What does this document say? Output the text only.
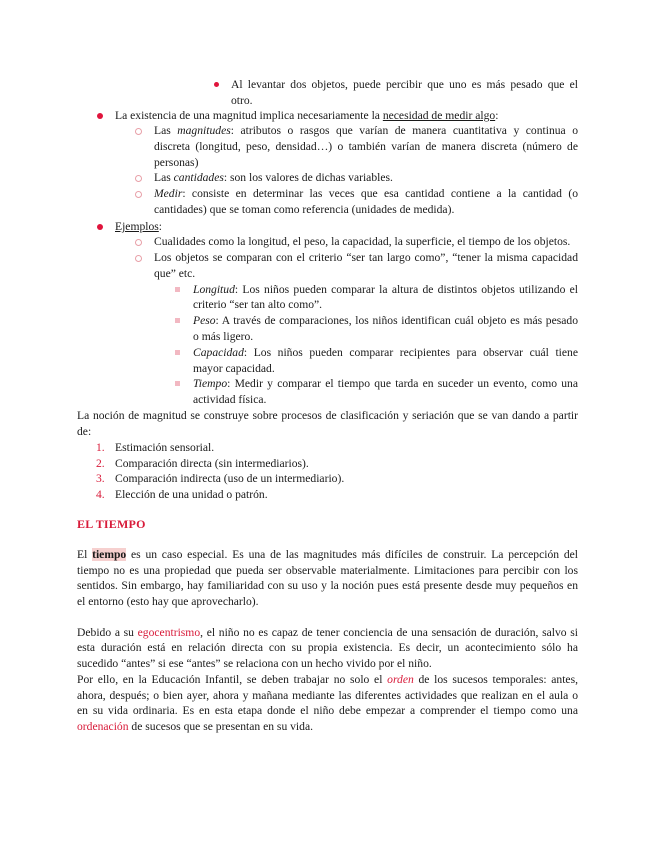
Al levantar dos objetos, puede percibir que uno es más pesado que el
otro.
La existencia de una magnitud implica necesariamente la necesidad de medir algo:
Las magnitudes: atributos o rasgos que varían de manera cuantitativa y continua o
discreta (longitud, peso, densidad…) o también varían de manera discreta (número de
personas)
Las cantidades: son los valores de dichas variables.
Medir: consiste en determinar las veces que esa cantidad contiene a la cantidad (o
cantidades) que se toman como referencia (unidades de medida).
Ejemplos:
Cualidades como la longitud, el peso, la capacidad, la superficie, el tiempo de los objetos.
Los objetos se comparan con el criterio “ser tan largo como”, “tener la misma capacidad
que” etc.
Longitud: Los niños pueden comparar la altura de distintos objetos utilizando el
criterio “ser tan alto como”.
Peso: A través de comparaciones, los niños identifican cuál objeto es más pesado
o más ligero.
Capacidad: Los niños pueden comparar recipientes para observar cuál tiene
mayor capacidad.
Tiempo: Medir y comparar el tiempo que tarda en suceder un evento, como una
actividad física.
La noción de magnitud se construye sobre procesos de clasificación y seriación que se van dando a partir
de:
1. Estimación sensorial.
2. Comparación directa (sin intermediarios).
3. Comparación indirecta (uso de un intermediario).
4. Elección de una unidad o patrón.
EL TIEMPO
El tiempo es un caso especial. Es una de las magnitudes más difíciles de construir. La percepción del
tiempo no es una propiedad que pueda ser observable materialmente. Limitaciones para percibir con los
sentidos. Sin embargo, hay familiaridad con su uso y la noción pues está presente desde muy pequeños en
el entorno (esto hay que aprovecharlo).
Debido a su egocentrismo, el niño no es capaz de tener conciencia de una sensación de duración, salvo si
esta duración está en relación directa con su propia existencia. Es decir, un acontecimiento sólo ha
sucedido “antes” si ese “antes” se relaciona con un hecho vivido por el niño.
Por ello, en la Educación Infantil, se deben trabajar no solo el orden de los sucesos temporales: antes,
ahora, después; o bien ayer, ahora y mañana mediante las diferentes actividades que realizan en el aula o
en su vida ordinaria. Es en esta etapa donde el niño debe empezar a comprender el tiempo como una
ordenación de sucesos que se presentan en su vida.
